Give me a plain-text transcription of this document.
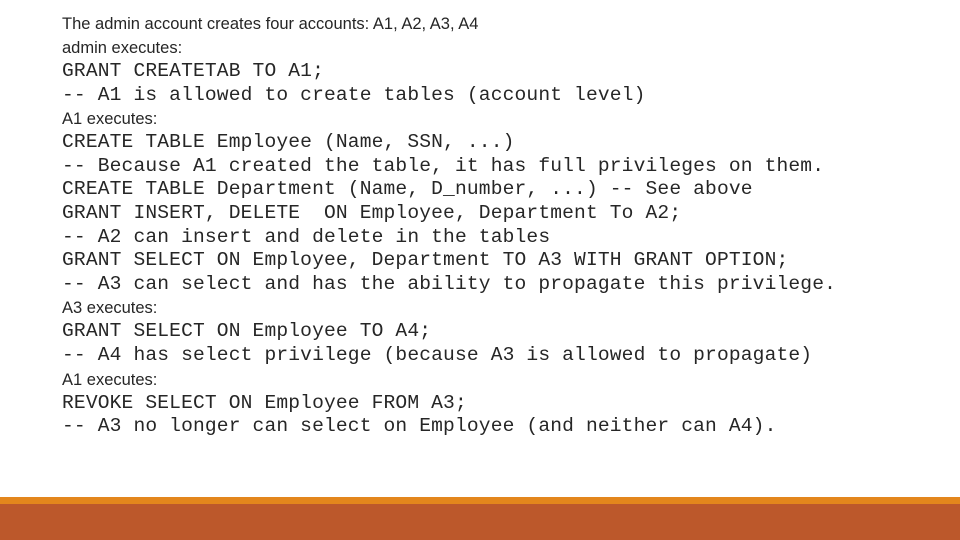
The admin account creates four accounts: A1, A2, A3, A4
admin executes:
GRANT CREATETAB TO A1;
-- A1 is allowed to create tables (account level)
A1 executes:
CREATE TABLE Employee (Name, SSN, ...)
-- Because A1 created the table, it has full privileges on them.
CREATE TABLE Department (Name, D_number, ...) -- See above
GRANT INSERT, DELETE  ON Employee, Department To A2;
-- A2 can insert and delete in the tables
GRANT SELECT ON Employee, Department TO A3 WITH GRANT OPTION;
-- A3 can select and has the ability to propagate this privilege.
A3 executes:
GRANT SELECT ON Employee TO A4;
-- A4 has select privilege (because A3 is allowed to propagate)
A1 executes:
REVOKE SELECT ON Employee FROM A3;
-- A3 no longer can select on Employee (and neither can A4).
